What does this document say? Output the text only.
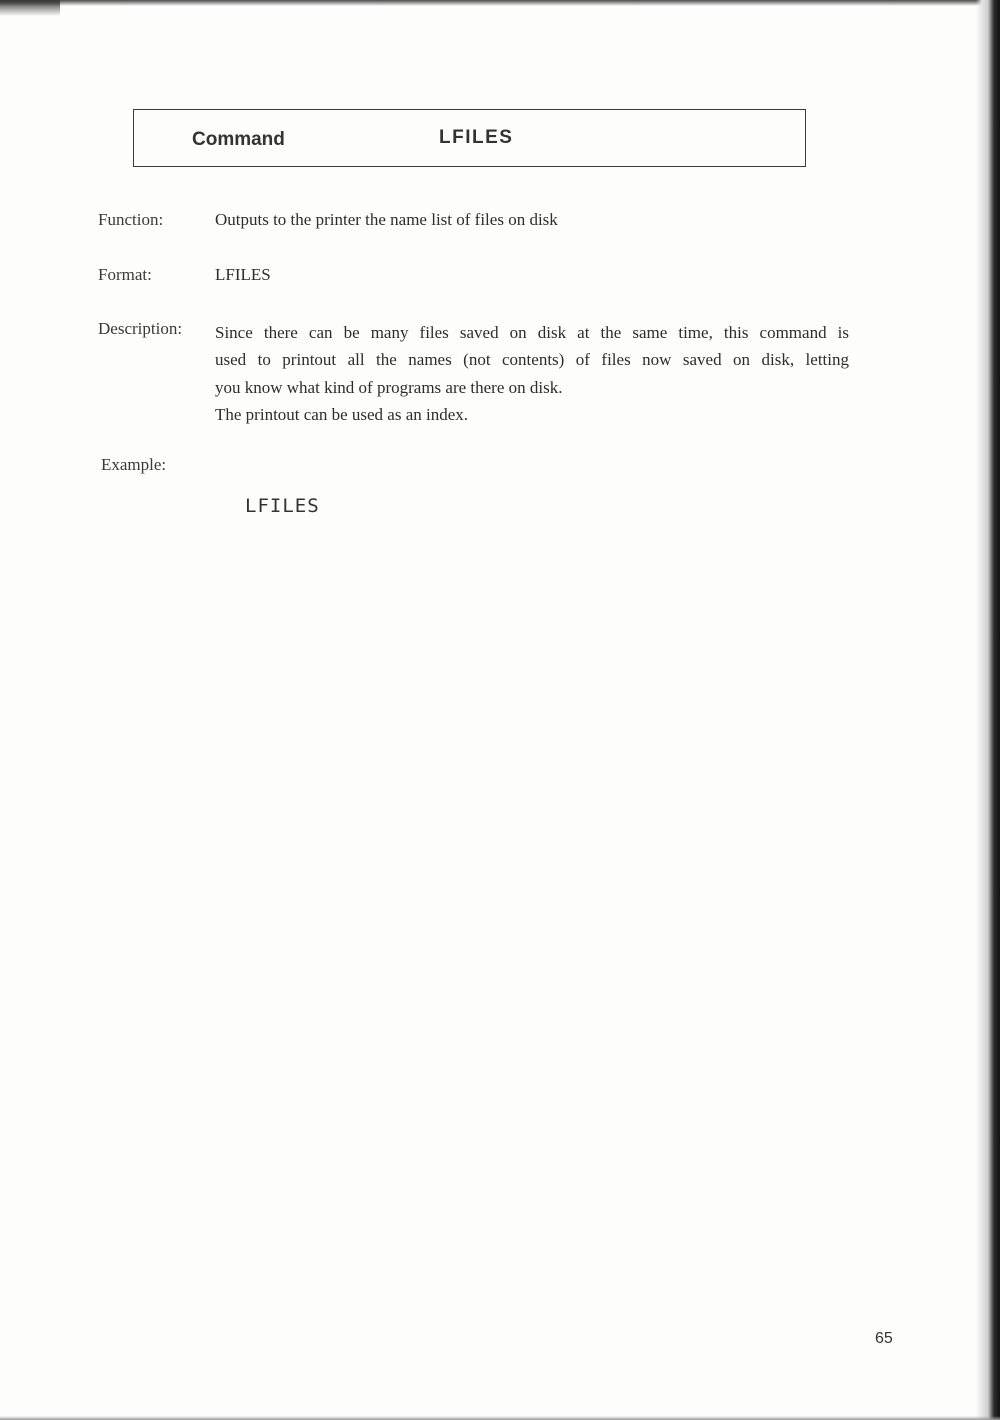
Command	LFILES
Function:	Outputs to the printer the name list of files on disk
Format:	LFILES
Description: Since there can be many files saved on disk at the same time, this command is
used to printout all the names (not contents) of files now saved on disk, letting
you know what kind of programs are there on disk.
The printout can be used as an index.
Example:
LFILES
65
